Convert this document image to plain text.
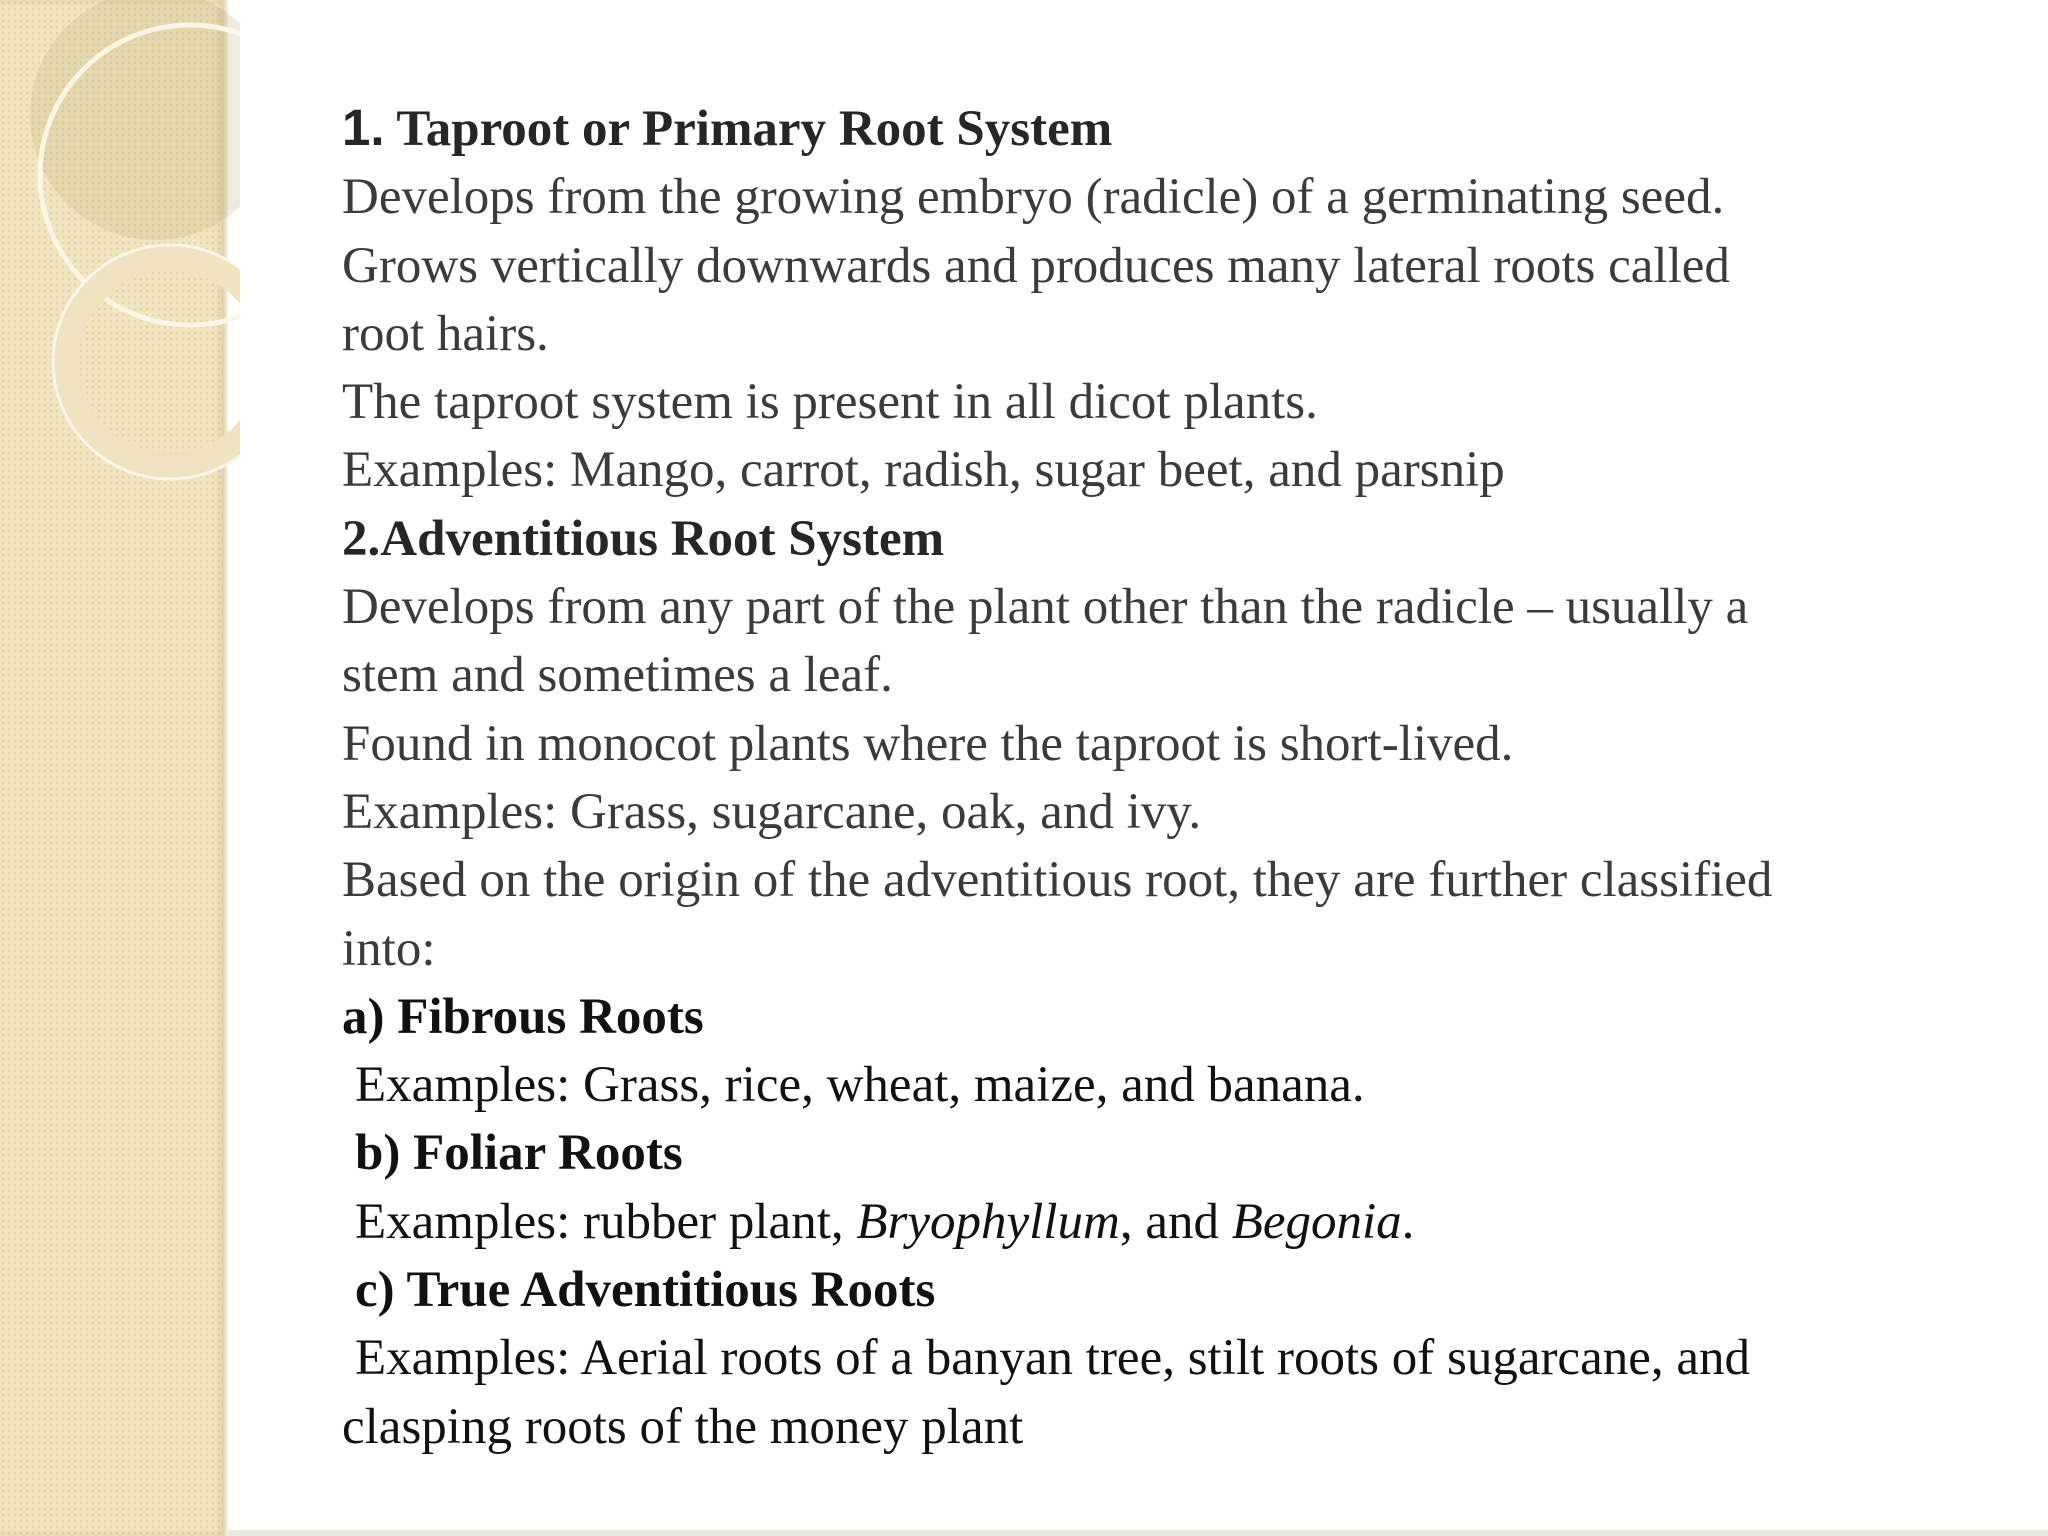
1. Taproot or Primary Root System
Develops from the growing embryo (radicle) of a germinating seed.
Grows vertically downwards and produces many lateral roots called
root hairs.
The taproot system is present in all dicot plants.
Examples: Mango, carrot, radish, sugar beet, and parsnip
2.Adventitious Root System
Develops from any part of the plant other than the radicle – usually a
stem and sometimes a leaf.
Found in monocot plants where the taproot is short-lived.
Examples: Grass, sugarcane, oak, and ivy.
Based on the origin of the adventitious root, they are further classified
into:
a) Fibrous Roots
Examples: Grass, rice, wheat, maize, and banana.
b) Foliar Roots
Examples: rubber plant, Bryophyllum, and Begonia.
c) True Adventitious Roots
Examples: Aerial roots of a banyan tree, stilt roots of sugarcane, and
clasping roots of the money plant
